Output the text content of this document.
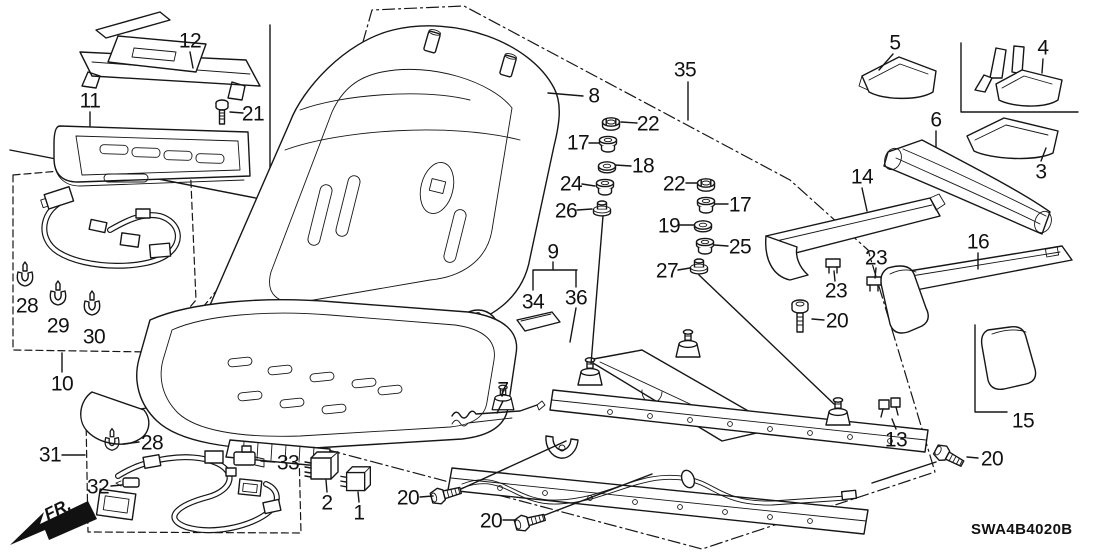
12
11
21
28
29 30
10
8
35
22
17
18
24
26
22
17
19
25
27
9
34 36
7
5	4
6
3
14
16
23
23
20
15
13
20
20
20
31
28
32
33
2 1
SWA4B4020B
FR.
